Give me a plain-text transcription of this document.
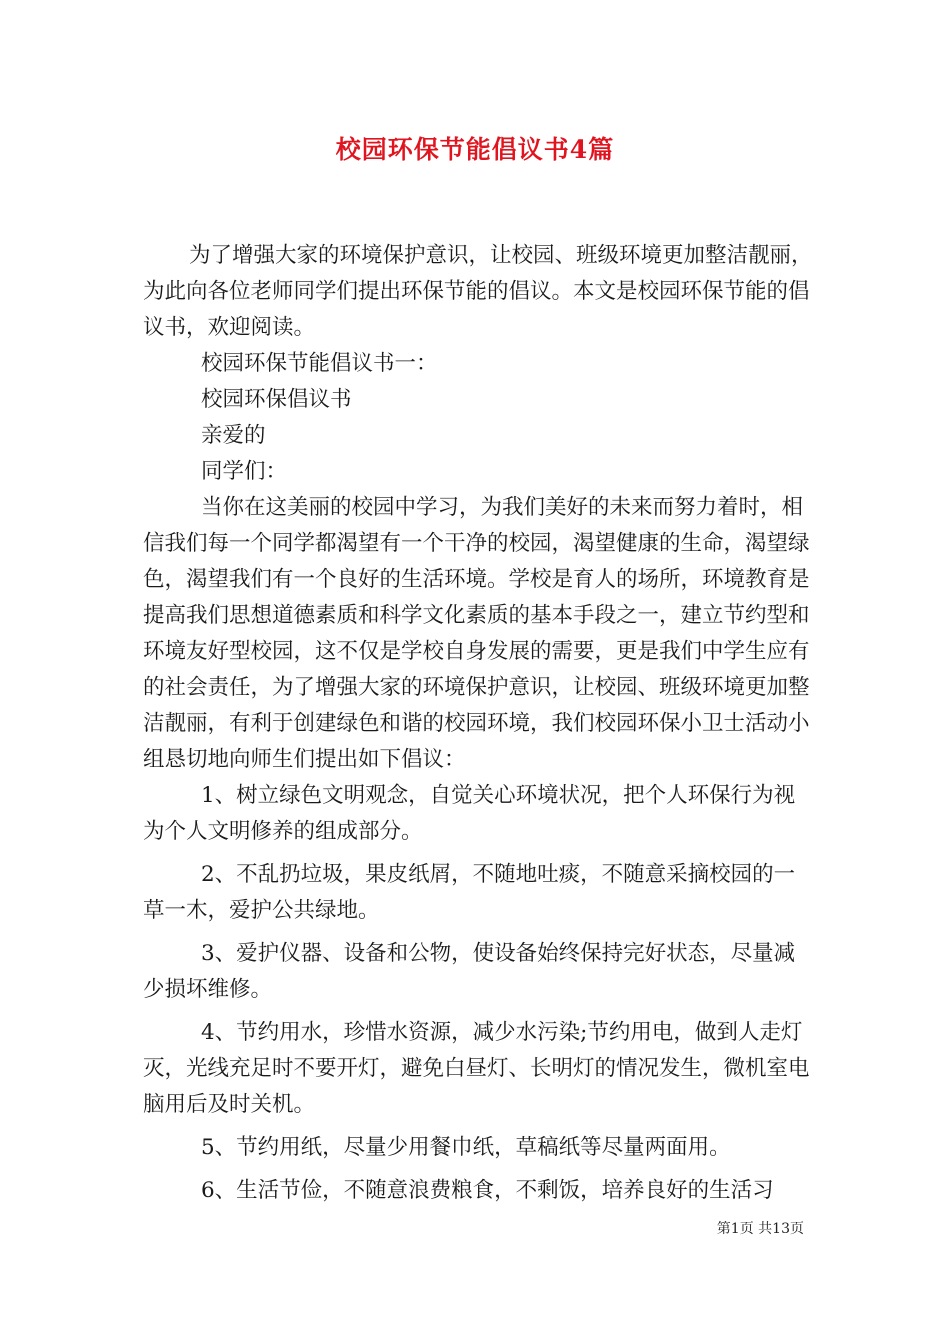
校园环保节能倡议书4篇

为了增强大家的环境保护意识，让校园、班级环境更加整洁靓丽，为此向各位老师同学们提出环保节能的倡议。本文是校园环保节能的倡议书，欢迎阅读。

校园环保节能倡议书一：

校园环保倡议书

亲爱的

同学们：

当你在这美丽的校园中学习，为我们美好的未来而努力着时，相信我们每一个同学都渴望有一个干净的校园，渴望健康的生命，渴望绿色，渴望我们有一个良好的生活环境。学校是育人的场所，环境教育是提高我们思想道德素质和科学文化素质的基本手段之一，建立节约型和环境友好型校园，这不仅是学校自身发展的需要，更是我们中学生应有的社会责任，为了增强大家的环境保护意识，让校园、班级环境更加整洁靓丽，有利于创建绿色和谐的校园环境，我们校园环保小卫士活动小组恳切地向师生们提出如下倡议：

1、树立绿色文明观念，自觉关心环境状况，把个人环保行为视为个人文明修养的组成部分。

2、不乱扔垃圾，果皮纸屑，不随地吐痰，不随意采摘校园的一草一木，爱护公共绿地。

3、爱护仪器、设备和公物，使设备始终保持完好状态，尽量减少损坏维修。

4、节约用水，珍惜水资源，减少水污染;节约用电，做到人走灯灭，光线充足时不要开灯，避免白昼灯、长明灯的情况发生，微机室电脑用后及时关机。

5、节约用纸，尽量少用餐巾纸，草稿纸等尽量两面用。

6、生活节俭，不随意浪费粮食，不剩饭，培养良好的生活习

第1页 共13页
